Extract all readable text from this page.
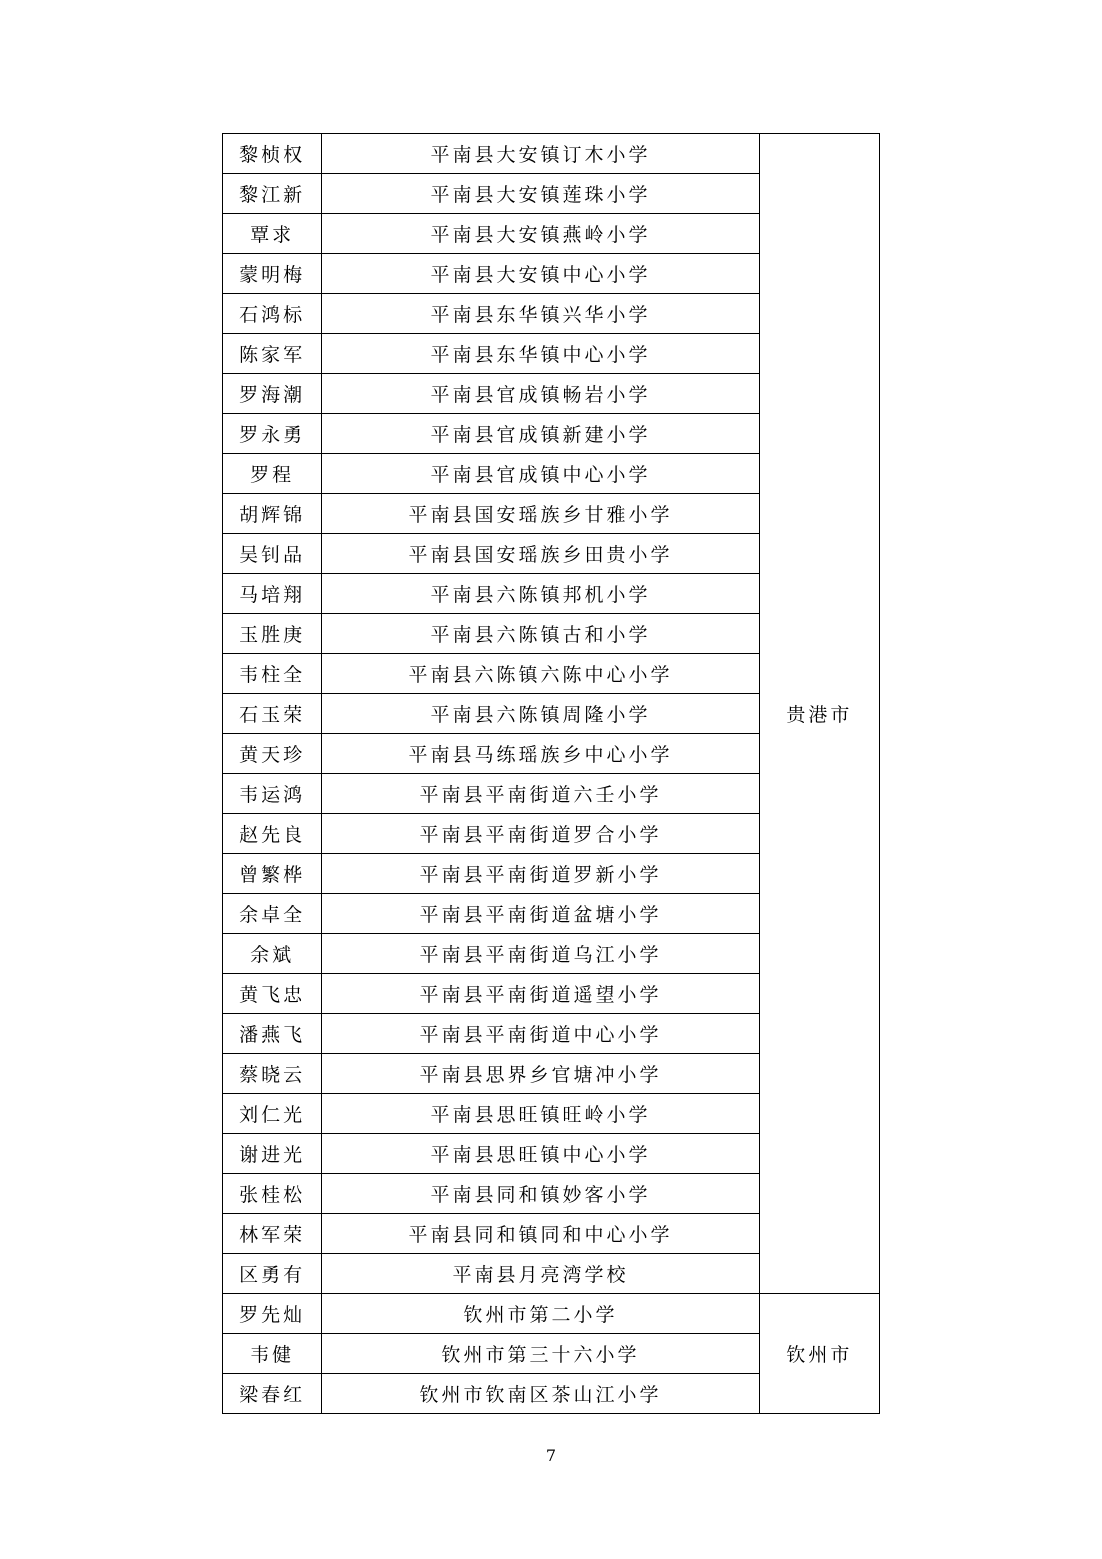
黎桢权	平南县大安镇订木小学	贵港市
黎江新	平南县大安镇莲珠小学	
覃求	平南县大安镇燕岭小学	
蒙明梅	平南县大安镇中心小学	
石鸿标	平南县东华镇兴华小学	
陈家军	平南县东华镇中心小学	
罗海潮	平南县官成镇畅岩小学	
罗永勇	平南县官成镇新建小学	
罗程	平南县官成镇中心小学	
胡辉锦	平南县国安瑶族乡甘雅小学	
吴钊品	平南县国安瑶族乡田贵小学	
马培翔	平南县六陈镇邦机小学	
玉胜庚	平南县六陈镇古和小学	
韦柱全	平南县六陈镇六陈中心小学	
石玉荣	平南县六陈镇周隆小学	
黄天珍	平南县马练瑶族乡中心小学	
韦运鸿	平南县平南街道六壬小学	
赵先良	平南县平南街道罗合小学	
曾繁桦	平南县平南街道罗新小学	
余卓全	平南县平南街道盆塘小学	
余斌	平南县平南街道乌江小学	
黄飞忠	平南县平南街道遥望小学	
潘燕飞	平南县平南街道中心小学	
蔡晓云	平南县思界乡官塘冲小学	
刘仁光	平南县思旺镇旺岭小学	
谢进光	平南县思旺镇中心小学	
张桂松	平南县同和镇妙客小学	
林军荣	平南县同和镇同和中心小学	
区勇有	平南县月亮湾学校	
罗先灿	钦州市第二小学	钦州市
韦健	钦州市第三十六小学	
梁春红	钦州市钦南区茶山江小学	
7
